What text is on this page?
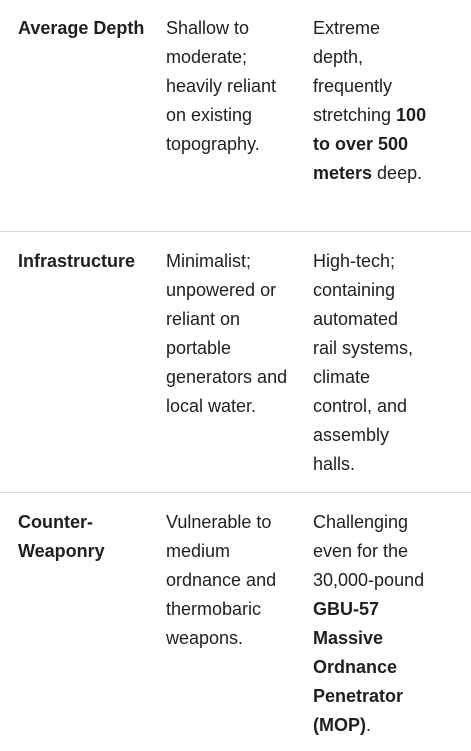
Average Depth	Shallow to moderate; heavily reliant on existing topography.
Extreme depth, frequently stretching 100 to over 500 meters deep.
Infrastructure	Minimalist; unpowered or reliant on portable generators and local water.
High-tech; containing automated rail systems, climate control, and assembly halls.
Counter-Weaponry
Vulnerable to medium ordnance and thermobaric weapons.
Challenging even for the 30,000-pound GBU-57 Massive Ordnance Penetrator (MOP).
